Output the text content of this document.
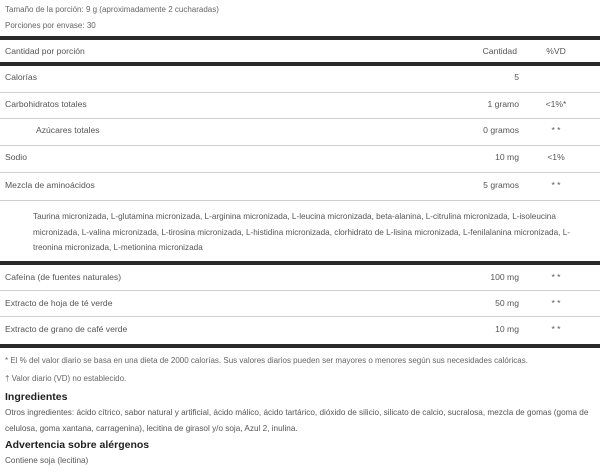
Tamaño de la porción: 9 g (aproximadamente 2 cucharadas)
Porciones por envase: 30
Cantidad por porción	Cantidad	%VD
Calorías	5
Carbohidratos totales	1 gramo	<1%*
Azúcares totales	0 gramos	* *
Sodio	10 mg	<1%
Mezcla de aminoácidos	5 gramos	* *
Taurina micronizada, L-glutamina micronizada, L-arginina micronizada, L-leucina micronizada, beta-alanina, L-citrulina micronizada, L-isoleucina micronizada, L-valina micronizada, L-tirosina micronizada, L-histidina micronizada, clorhidrato de L-lisina micronizada, L-fenilalanina micronizada, L-treonina micronizada, L-metionina micronizada
Cafeína (de fuentes naturales)	100 mg	* *
Extracto de hoja de té verde	50 mg	* *
Extracto de grano de café verde	10 mg	* *
* El % del valor diario se basa en una dieta de 2000 calorías. Sus valores diarios pueden ser mayores o menores según sus necesidades calóricas.
† Valor diario (VD) no establecido.
Ingredientes
Otros ingredientes: ácido cítrico, sabor natural y artificial, ácido málico, ácido tartárico, dióxido de silicio, silicato de calcio, sucralosa, mezcla de gomas (goma de celulosa, goma xantana, carragenina), lecitina de girasol y/o soja, Azul 2, inulina.
Advertencia sobre alérgenos
Contiene soja (lecitina)
